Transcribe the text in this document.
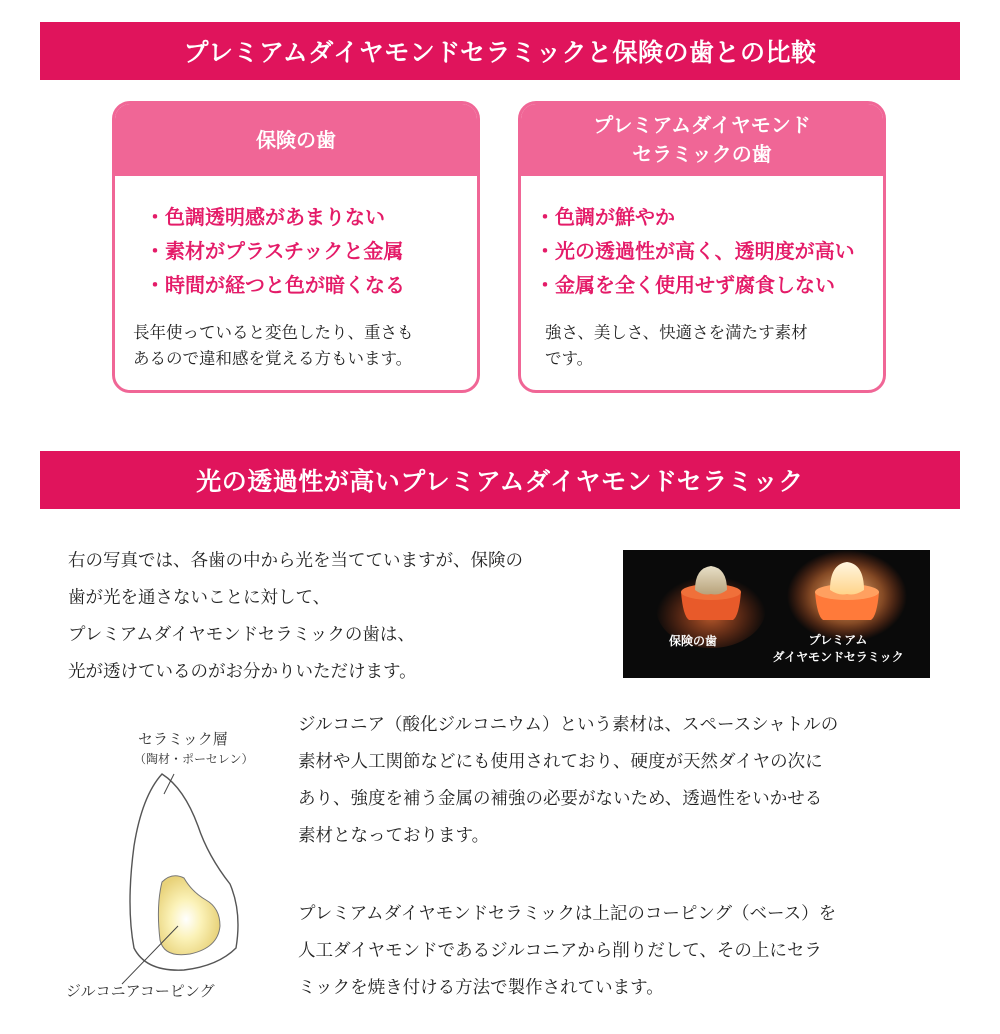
プレミアムダイヤモンドセラミックと保険の歯との比較
保険の歯
・色調透明感があまりない
・素材がプラスチックと金属
・時間が経つと色が暗くなる
長年使っていると変色したり、重さも
あるので違和感を覚える方もいます。
プレミアムダイヤモンド
セラミックの歯
・色調が鮮やか
・光の透過性が高く、透明度が高い
・金属を全く使用せず腐食しない
強さ、美しさ、快適さを満たす素材
です。
光の透過性が高いプレミアムダイヤモンドセラミック
右の写真では、各歯の中から光を当てていますが、保険の
歯が光を通さないことに対して、
プレミアムダイヤモンドセラミックの歯は、
光が透けているのがお分かりいただけます。
保険の歯	プレミアム
ダイヤモンドセラミック
セラミック層
（陶材・ポーセレン）
ジルコニアコーピング
ジルコニア（酸化ジルコニウム）という素材は、スペースシャトルの
素材や人工関節などにも使用されており、硬度が天然ダイヤの次に
あり、強度を補う金属の補強の必要がないため、透過性をいかせる
素材となっております。
プレミアムダイヤモンドセラミックは上記のコーピング（ベース）を
人工ダイヤモンドであるジルコニアから削りだして、その上にセラ
ミックを焼き付ける方法で製作されています。
